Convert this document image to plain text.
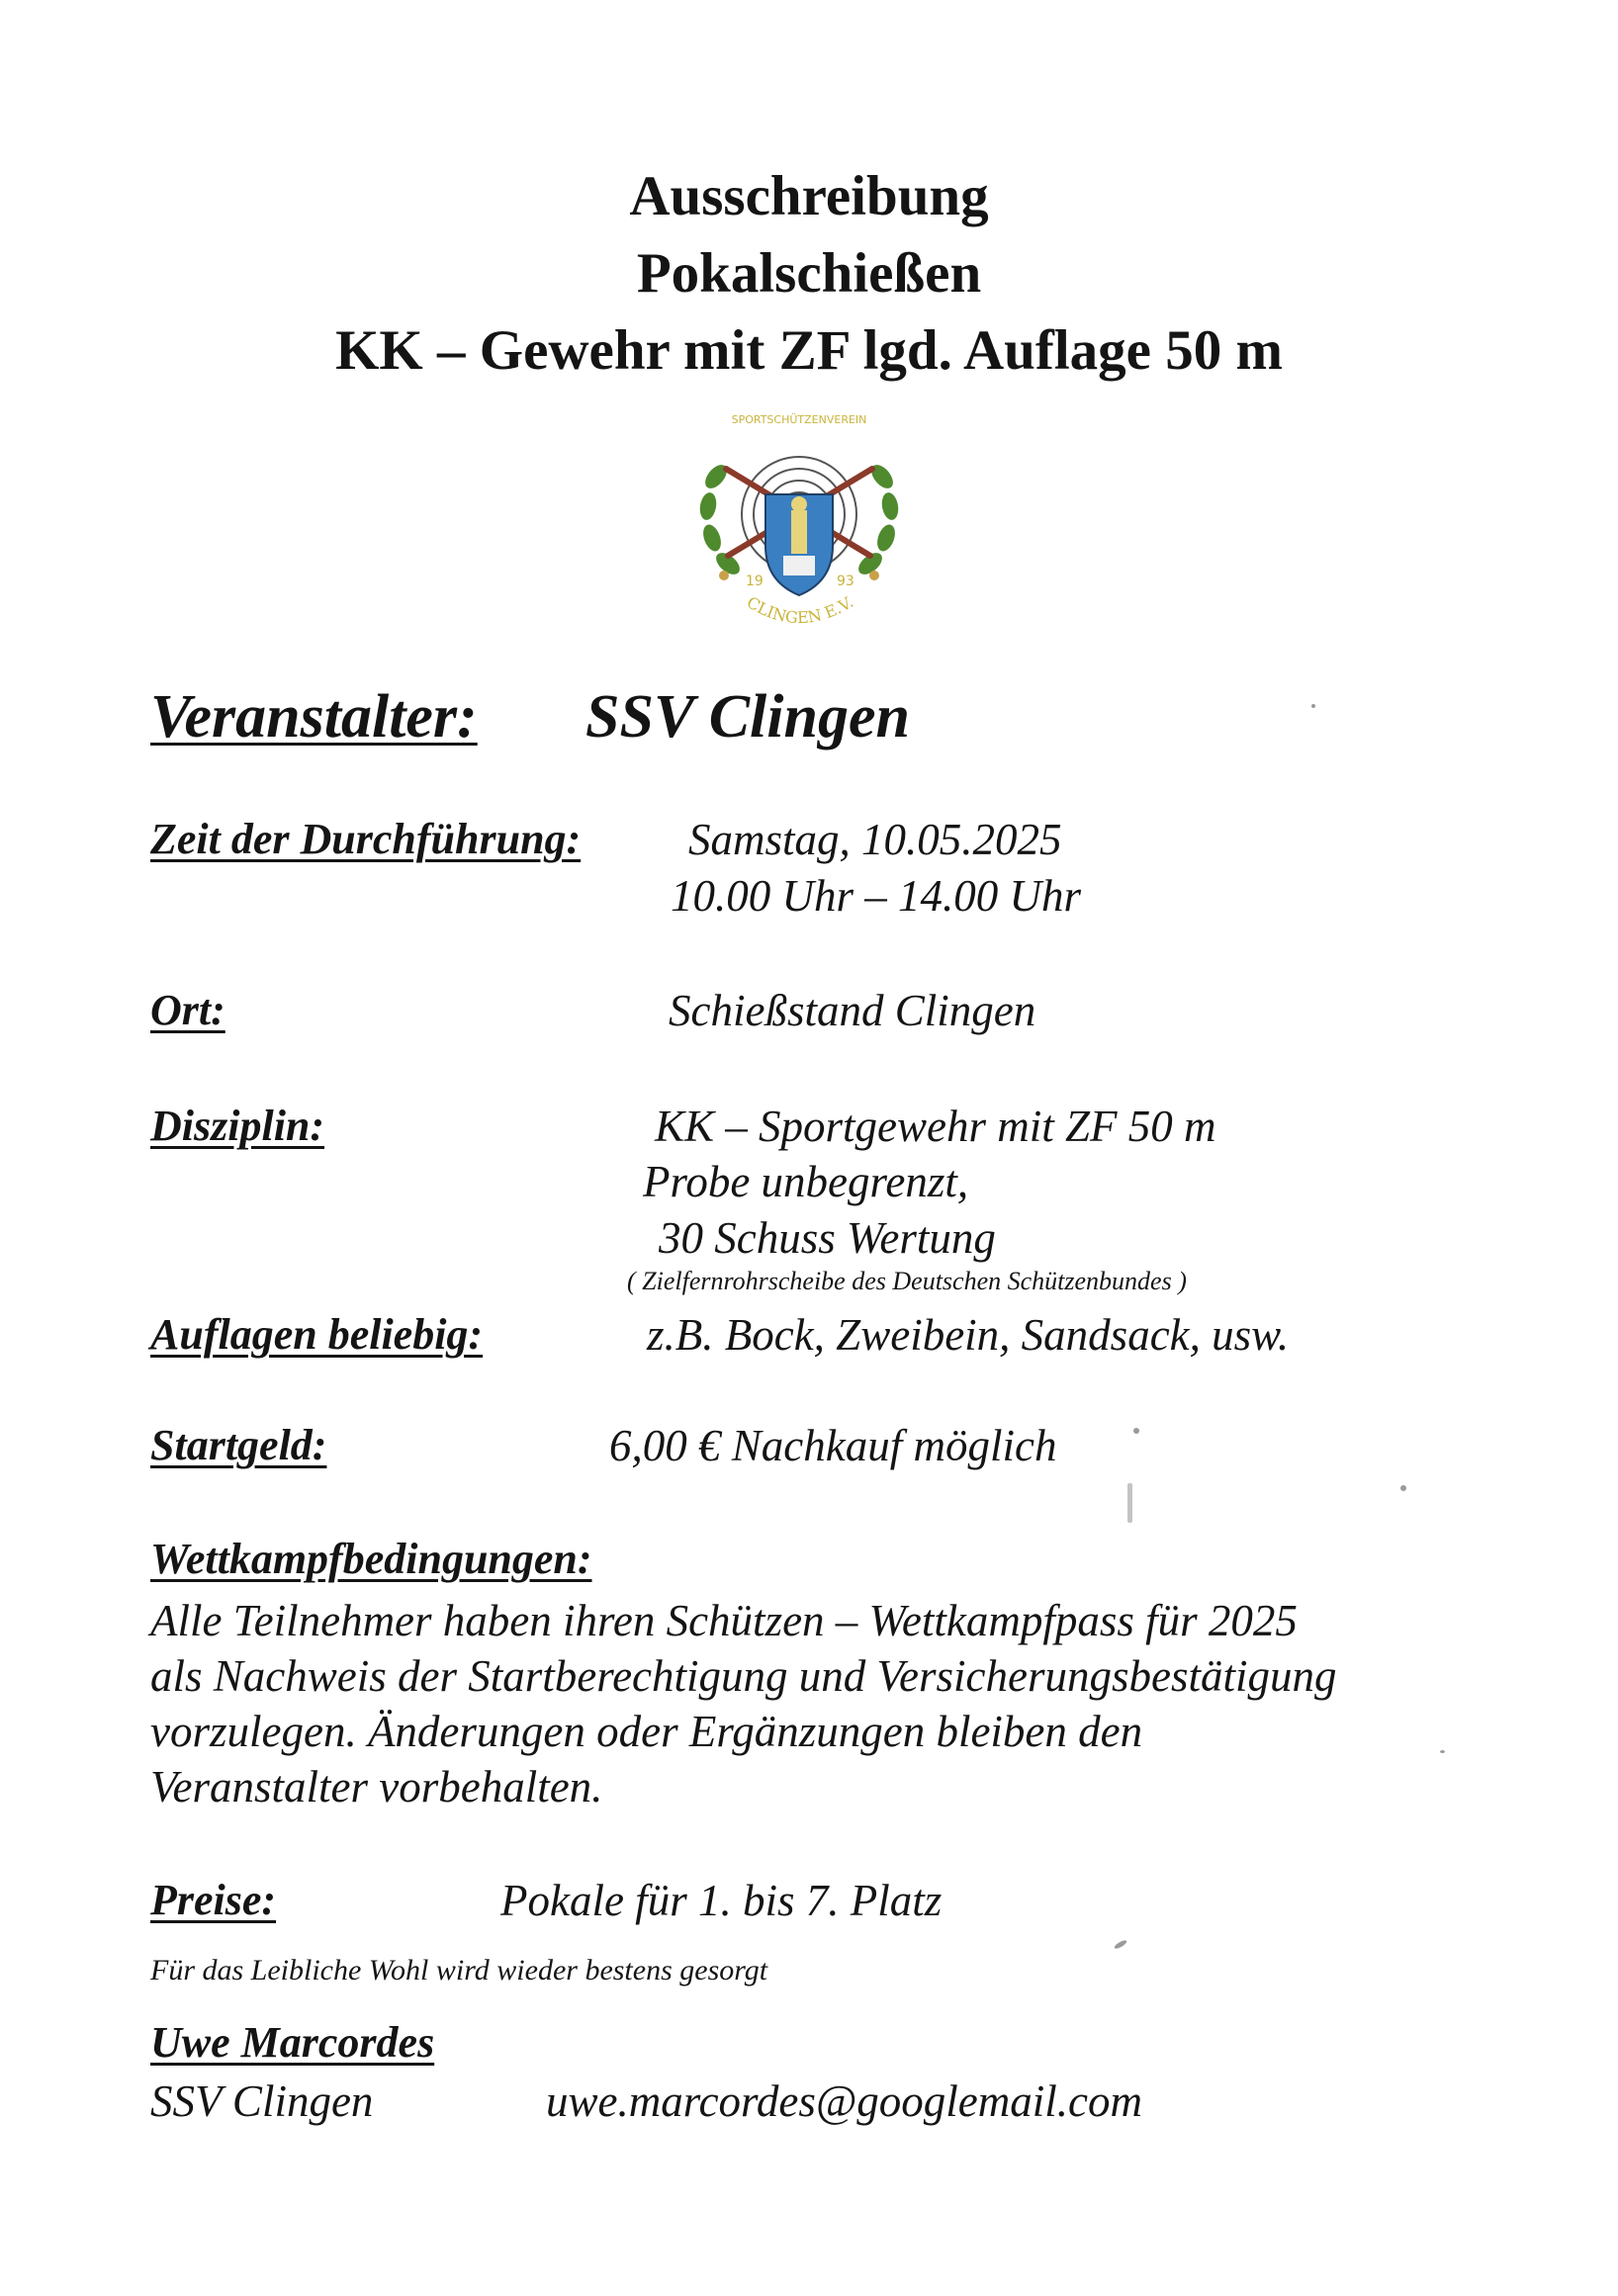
Ausschreibung
Pokalschießen
KK – Gewehr mit ZF lgd. Auflage 50 m
SPORTSCHÜTZENVEREIN
19	93
CLINGEN E.V.
Veranstalter: SSV Clingen
Zeit der Durchführung: Samstag, 10.05.2025
10.00 Uhr – 14.00 Uhr
Ort:	Schießstand Clingen
Disziplin:	KK – Sportgewehr mit ZF 50 m
Probe unbegrenzt,
30 Schuss Wertung
( Zielfernrohrscheibe des Deutschen Schützenbundes )
Auflagen beliebig:	z.B. Bock, Zweibein, Sandsack, usw.
Startgeld:	6,00 € Nachkauf möglich
Wettkampfbedingungen:
Alle Teilnehmer haben ihren Schützen – Wettkampfpass für 2025
als Nachweis der Startberechtigung und Versicherungsbestätigung
vorzulegen. Änderungen oder Ergänzungen bleiben den
Veranstalter vorbehalten.
Preise:	Pokale für 1. bis 7. Platz
Für das Leibliche Wohl wird wieder bestens gesorgt
Uwe Marcordes
SSV Clingen	uwe.marcordes@googlemail.com
